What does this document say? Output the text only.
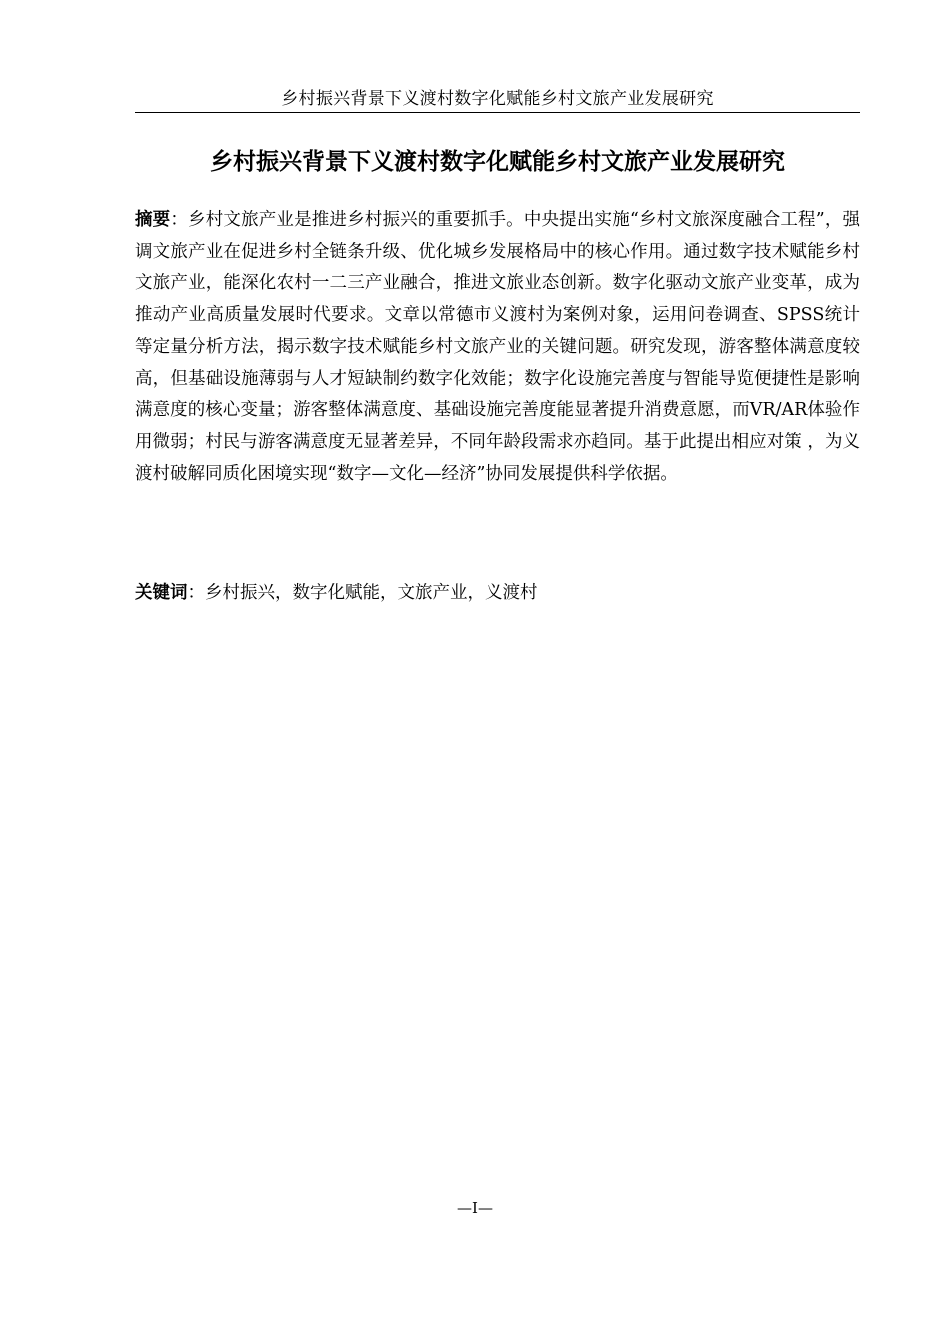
乡村振兴背景下义渡村数字化赋能乡村文旅产业发展研究
乡村振兴背景下义渡村数字化赋能乡村文旅产业发展研究

摘要：乡村文旅产业是推进乡村振兴的重要抓手。中央提出实施“乡村文旅深度融合工程”，强调文旅产业在促进乡村全链条升级、优化城乡发展格局中的核心作用。通过数字技术赋能乡村文旅产业，能深化农村一二三产业融合，推进文旅业态创新。数字化驱动文旅产业变革，成为推动产业高质量发展时代要求。文章以常德市义渡村为案例对象，运用问卷调查、SPSS统计等定量分析方法，揭示数字技术赋能乡村文旅产业的关键问题。研究发现，游客整体满意度较高，但基础设施薄弱与人才短缺制约数字化效能；数字化设施完善度与智能导览便捷性是影响满意度的核心变量；游客整体满意度、基础设施完善度能显著提升消费意愿，而VR/AR体验作用微弱；村民与游客满意度无显著差异，不同年龄段需求亦趋同。基于此提出相应对策 ，为义渡村破解同质化困境实现“数字—文化—经济”协同发展提供科学依据。

关键词：乡村振兴，数字化赋能，文旅产业，义渡村

—I—
